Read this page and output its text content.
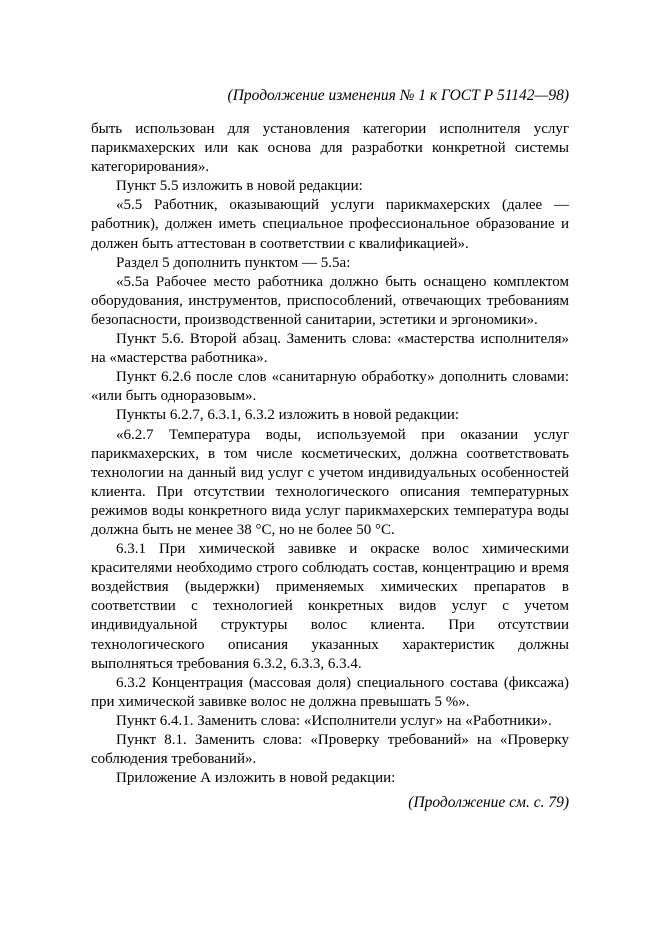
(Продолжение изменения № 1 к ГОСТ Р 51142—98)

быть использован для установления категории исполнителя услуг парикмахерских или как основа для разработки конкретной системы категорирования».

Пункт 5.5 изложить в новой редакции:

«5.5 Работник, оказывающий услуги парикмахерских (далее — работник), должен иметь специальное профессиональное образование и должен быть аттестован в соответствии с квалификацией».

Раздел 5 дополнить пунктом — 5.5а:

«5.5а Рабочее место работника должно быть оснащено комплектом оборудования, инструментов, приспособлений, отвечающих требованиям безопасности, производственной санитарии, эстетики и эргономики».

Пункт 5.6. Второй абзац. Заменить слова: «мастерства исполнителя» на «мастерства работника».

Пункт 6.2.6 после слов «санитарную обработку» дополнить словами: «или быть одноразовым».

Пункты 6.2.7, 6.3.1, 6.3.2 изложить в новой редакции:

«6.2.7 Температура воды, используемой при оказании услуг парикмахерских, в том числе косметических, должна соответствовать технологии на данный вид услуг с учетом индивидуальных особенностей клиента. При отсутствии технологического описания температурных режимов воды конкретного вида услуг парикмахерских температура воды должна быть не менее 38 °С, но не более 50 °С.

6.3.1 При химической завивке и окраске волос химическими красителями необходимо строго соблюдать состав, концентрацию и время воздействия (выдержки) применяемых химических препаратов в соответствии с технологией конкретных видов услуг с учетом индивидуальной структуры волос клиента. При отсутствии технологического описания указанных характеристик должны выполняться требования 6.3.2, 6.3.3, 6.3.4.

6.3.2 Концентрация (массовая доля) специального состава (фиксажа) при химической завивке волос не должна превышать 5 %».

Пункт 6.4.1. Заменить слова: «Исполнители услуг» на «Работники».

Пункт 8.1. Заменить слова: «Проверку требований» на «Проверку соблюдения требований».

Приложение А изложить в новой редакции:

(Продолжение см. с. 79)
